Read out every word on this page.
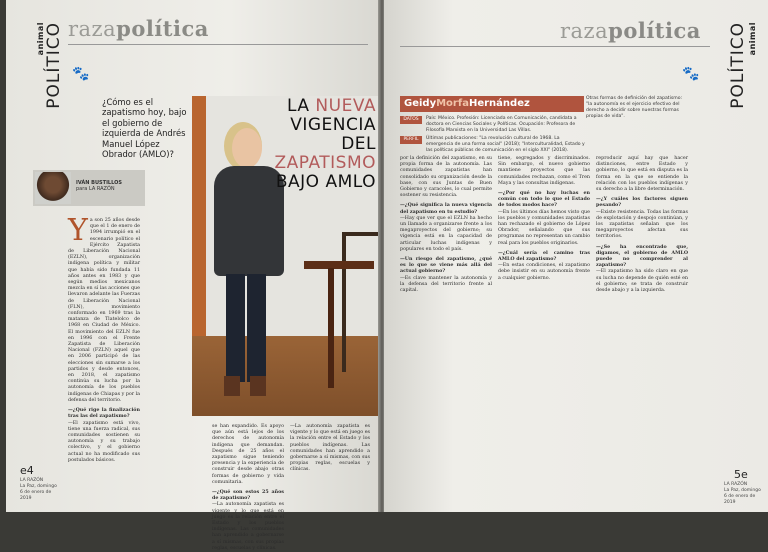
animal POLÍTICO razapolítica
🐾
¿Cómo es el zapatismo hoy, bajo el gobierno de izquierda de Andrés Manuel López Obrador (AMLO)?
IVÁN BUSTILLOS
para LA RAZÓN
LA NUEVA
VIGENCIA DEL
ZAPATISMO
BAJO AMLO
Y a son 25 años desde que el 1 de enero de 1994 irrumpió en el escenario político el Ejército Zapatista de Liberación Nacional (EZLN), organización indígena política y militar que había sido fundada 11 años antes en 1983 y que según medios mexicanos mezcla en sí las acciones que llevaron adelante las Fuerzas de Liberación Nacional (FLN), movimiento conformado en 1969 tras la matanza de Tlatelolco de 1968 en Ciudad de México. El movimiento del EZLN fue en 1996 con el Frente Zapatista de Liberación Nacional (FZLN) aquel que en 2006 participó de las elecciones sin sumarse a los partidos y desde entonces, en 2018, el zapatismo continúa su lucha por la autonomía de los pueblos indígenas de Chiapas y por la defensa del territorio.
—¿Qué rige la finalización tras las del zapatismo?
—El zapatismo está vivo, tiene una fuerza radical, sus comunidades sostienen su autonomía y su trabajo colectivo, y el gobierno actual no ha modificado sus postulados básicos.
se han expandido. Es apoyo que aún está lejos de los derechos de autonomía indígena que demandan. Después de 25 años el zapatismo sigue teniendo presencia y la experiencia de construir desde abajo otras formas de gobierno y vida comunitaria.
—¿Qué son estos 25 años de zapatismo?
—La autonomía zapatista es vigente y lo que está en juego es la relación entre el Estado y los pueblos indígenas. Las comunidades han aprendido a gobernarse a sí mismas, con sus propias reglas, escuelas y clínicas.
—La autonomía zapatista es vigente y lo que está en juego es la relación entre el Estado y los pueblos indígenas. Las comunidades han aprendido a gobernarse a sí mismas, con sus propias reglas, escuelas y clínicas.
e4
LA RAZÓN
La Paz, domingo 6 de enero de 2019
razapolítica POLÍTICO animal
🐾
GeidyMorfaHernández	Otras formas de definición del zapatismo: "la autonomía es el ejercicio efectivo del derecho a decidir sobre nuestras formas propias de vida".
DATOS	País: México. Profesión: Licenciada en Comunicación, candidata a doctora en Ciencias Sociales y Políticas. Ocupación: Profesora de Filosofía Marxista en la Universidad Las Villas.
PERFIL	Últimas publicaciones: "La revolución cultural de 1968. La emergencia de una forma social" (2018); "Interculturalidad, Estado y las políticas públicas de comunicación en el siglo XXI" (2018).
por la definición del zapatismo, en su propia forma de la autonomía. Las comunidades zapatistas han consolidado su organización desde la base, con sus Juntas de Buen Gobierno y caracoles, lo cual permite sostener su resistencia.
—¿Qué significa la nueva vigencia del zapatismo en tu estudio?
—Hay que ver que el EZLN ha hecho un llamado a organizarse frente a los megaproyectos del gobierno; su vigencia está en la capacidad de articular luchas indígenas y populares en todo el país.
—Un riesgo del zapatismo, ¿qué es lo que se viene más allá del actual gobierno?
—Es clave mantener la autonomía y la defensa del territorio frente al capital.
tiene, segregados y discriminados. Sin embargo, el nuevo gobierno mantiene proyectos que las comunidades rechazan, como el Tren Maya y las consultas indígenas.
—¿Por qué no hay luchas en común con todo lo que el Estado de todos modos hace?
—En los últimos días hemos visto que los pueblos y comunidades zapatistas han rechazado el gobierno de López Obrador, señalando que sus programas no representan un cambio real para los pueblos originarios.
—¿Cuál sería el camino tras AMLO del zapatismo?
—En estas condiciones, el zapatismo debe insistir en su autonomía frente a cualquier gobierno.
reproducir aquí hay que hacer distinciones, entre Estado y gobierno, lo que está en disputa es la forma en la que se entiende la relación con los pueblos indígenas y su derecho a la libre determinación.
—¿Y cuáles los factores siguen pesando?
—Existe resistencia. Todas las formas de explotación y despojo continúan, y los zapatistas señalan que los megaproyectos afectan sus territorios.
—¿Se ha encontrado que, digamos, el gobierno de AMLO puede no comprender al zapatismo?
—El zapatismo ha sido claro en que su lucha no depende de quién esté en el gobierno; se trata de construir desde abajo y a la izquierda.
5e
LA RAZÓN
La Paz, domingo 6 de enero de 2019
